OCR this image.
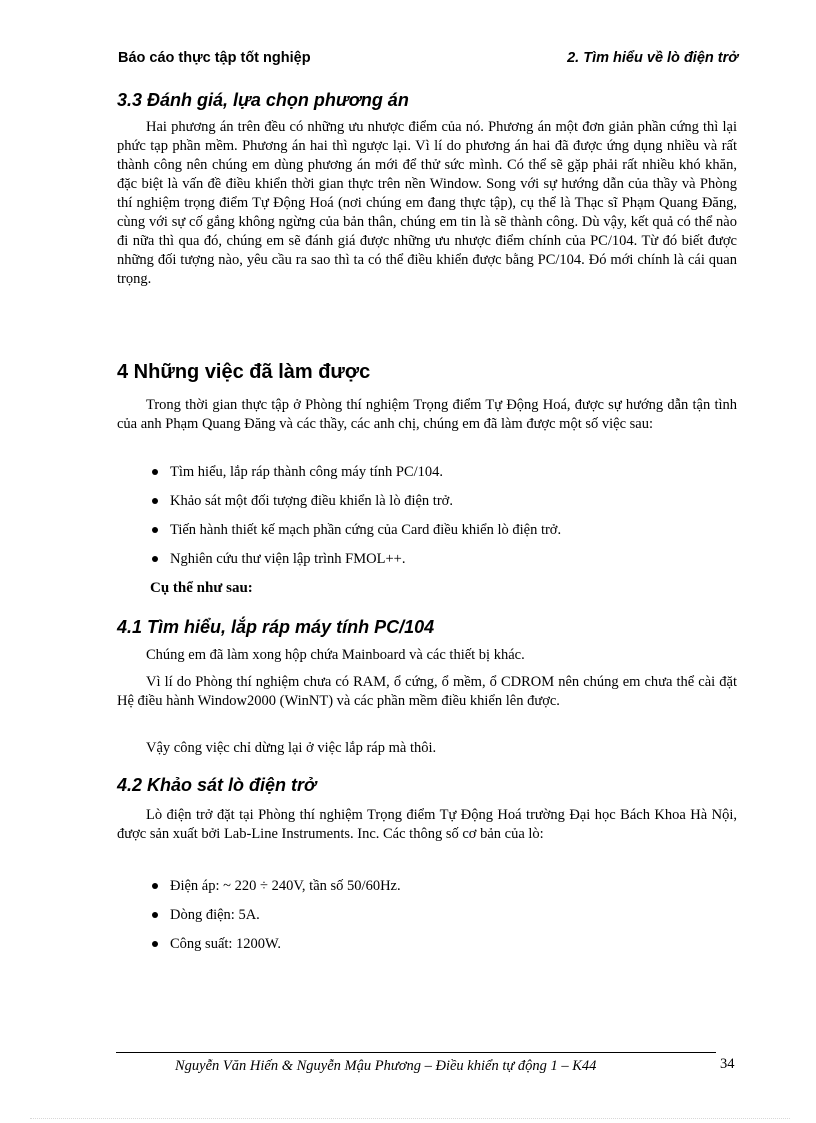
Báo cáo thực tập tốt nghiệp	2. Tìm hiểu về lò điện trở
3.3 Đánh giá, lựa chọn phương án
Hai phương án trên đều có những ưu nhược điểm của nó. Phương án một đơn giản phần cứng thì lại phức tạp phần mềm. Phương án hai thì ngược lại. Vì lí do phương án hai đã được ứng dụng nhiều và rất thành công nên chúng em dùng phương án mới để thử sức mình. Có thể sẽ gặp phải rất nhiều khó khăn, đặc biệt là vấn đề điều khiển thời gian thực trên nền Window. Song với sự hướng dẫn của thầy và Phòng thí nghiệm trọng điểm Tự Động Hoá (nơi chúng em đang thực tập), cụ thể là Thạc sĩ Phạm Quang Đăng, cùng với sự cố gắng không ngừng của bản thân, chúng em tin là sẽ thành công. Dù vậy, kết quả có thể nào đi nữa thì qua đó, chúng em sẽ đánh giá được những ưu nhược điểm chính của PC/104. Từ đó biết được những đối tượng nào, yêu cầu ra sao thì ta có thể điều khiển được bằng PC/104. Đó mới chính là cái quan trọng.
4 Những việc đã làm được
Trong thời gian thực tập ở Phòng thí nghiệm Trọng điểm Tự Động Hoá, được sự hướng dẫn tận tình của anh Phạm Quang Đăng và các thầy, các anh chị, chúng em đã làm được một số việc sau:
Tìm hiểu, lắp ráp thành công máy tính PC/104.
Khảo sát một đối tượng điều khiển là lò điện trở.
Tiến hành thiết kế mạch phần cứng của Card điều khiển lò điện trở.
Nghiên cứu thư viện lập trình FMOL++.
Cụ thể như sau:
4.1 Tìm hiểu, lắp ráp máy tính PC/104
Chúng em đã làm xong hộp chứa Mainboard và các thiết bị khác.
Vì lí do Phòng thí nghiệm chưa có RAM, ổ cứng, ổ mềm, ổ CDROM nên chúng em chưa thể cài đặt Hệ điều hành Window2000 (WinNT) và các phần mềm điều khiển lên được.
Vậy công việc chỉ dừng lại ở việc lắp ráp mà thôi.
4.2 Khảo sát lò điện trở
Lò điện trở đặt tại Phòng thí nghiệm Trọng điểm Tự Động Hoá trường Đại học Bách Khoa Hà Nội, được sản xuất bởi Lab-Line Instruments. Inc. Các thông số cơ bản của lò:
Điện áp: ~ 220 ÷ 240V, tần số 50/60Hz.
Dòng điện: 5A.
Công suất: 1200W.
Nguyễn Văn Hiến & Nguyễn Mậu Phương – Điều khiển tự động 1 – K44	34
